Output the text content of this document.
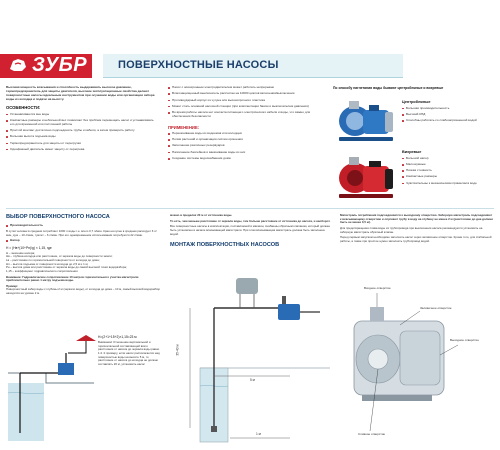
ЗУБР	ПОВЕРХНОСТНЫЕ НАСОСЫ

Высокая мощность всасывания и способность выдерживать высокое давление, термопредохранитель для защиты двигателя, высокие эксплуатационные свойства делают поверхностные насосы идеальным инструментом при осушении воды или организации забора воды из колодца и подачи на высоту.

ОСОБЕННОСТИ:
Устанавливаются вне воды
Компактные размеры и небольшой вес позволяют без проблем перемещать насос и устанавливать его для временной или постоянной работы
Простой монтаж: достаточно подсоединить трубы и кабели, а затем проверить работу
Большая высота подъема воды
Термопредохранитель для защиты от перегрузки
Однофазный двигатель имеет защиту от перегрева
Насос с асинхронным электродвигателем может работать непрерывно
Влагозащищенный выключатель рассчитан на 10000 циклов включения/выключения
Противоударный корпус из чугуна или высокопрочного пластика
Может стать основной насосной станции (при комплектации баком и выключателем давления)
Во время работы насоса нет контакта питающего электрического кабеля и воды, что важно для обеспечения безопасности
ПРИМЕНЕНИЕ:
Перекачивание воды из водоемов или колодцев
Полив растений и организация систем орошения
Заполнение различных резервуаров
Наполнение бассейнов и вакачивание воды из них
Создание системы водоснабжения дома
По способу нагнетания воды бывают центробежные и вихревые
Центробежные
Большая производительность
Высокий КПД
Способны работать со слабозагрязненной водой
Вихревые
Большой напор
Малошумные
Низкая стоимость
Компактные размеры
Чувствительны к механическим примесям в воде
ВЫБОР ПОВЕРХНОСТНОГО НАСОСА
Производительность

В сутки человек в среднем потребляет 1000 л воды т.е. всего 0,7 л/мин. Кран на кухне в среднем расходует 6 л/мин, душ – 10 л/мин, туалет – 6 л/мин. При его одновременном использовании потребуется 22 л/мин.

Напор
H = (Hв+(10+Pн)/g) × 1,15, где
H – значение напора;
Hв – глубина колодца или расстояние, от зеркала воды до поверхности земли;
Lв – расстояние по горизонтальной поверхности от колодца до дома;
Hп – высота подъема от поверхности колодца до 2,5 м и 1 м;
Pн – высота дома или расстояние от зеркала воды до самой высокой точки водоразбора;
1,15 – коэффициент гидравлического сопротивления

Внимание: Гидравлическое сопротивление 10 метров горизонтального участка магистрали приблизительно равно 1 метру подъема воды.

Пример:

Поверхностный забор воды с глубины 2 м (зеркало воды), от колодца до дома – 10 м, самый высокий водоразбор находится на уровне 2 м.

H=(2+1+15+2)×1,15=23 м

Внимание! Отношение вертикальной и горизонтальной составляющей всего расстояния от насоса до зеркала воды равно 1:4. К примеру, если насос располагается над поверхностью воды на высоте 5 м, то расстояние от насоса до колодца не должно составлять 20 м, установить насос

можно в пределах 20 м от источника воды.

То есть, чем меньше расстояние от зеркала воды, тем больше расстояние от источника до насоса, и наоборот.

Все поверхностные насосы в комплектации, поставляемой в магазин, снабжены обратным клапаном, который должен быть установлен в начале всасывающей магистрали. При этом всасывающая магистраль должна быть заполнена водой.

МОНТАЖ ПОВЕРХНОСТНЫХ НАСОСОВ
35-40 м
5 м
1 м

Магистраль потребления подсоединяется к выходному отверстию. Заборную магистраль подсоединяют к всасывающему отверстию и опускают трубу в воду на глубину не менее 2 м (расстояние до дна должно быть не менее 0,5 м).

Для предотвращения слива воды из трубопровода при выключении насоса рекомендуется установить на заборную магистраль обратный клапан.

Перед первым запуском необходимо заполнить насос через заливочное отверстие. Кроме того, для стабильной работы, а также при простое нужно заполнить трубопровод водой.

Входное отверстие
Заливочное отверстие
Сливное отверстие
Выходное отверстие
